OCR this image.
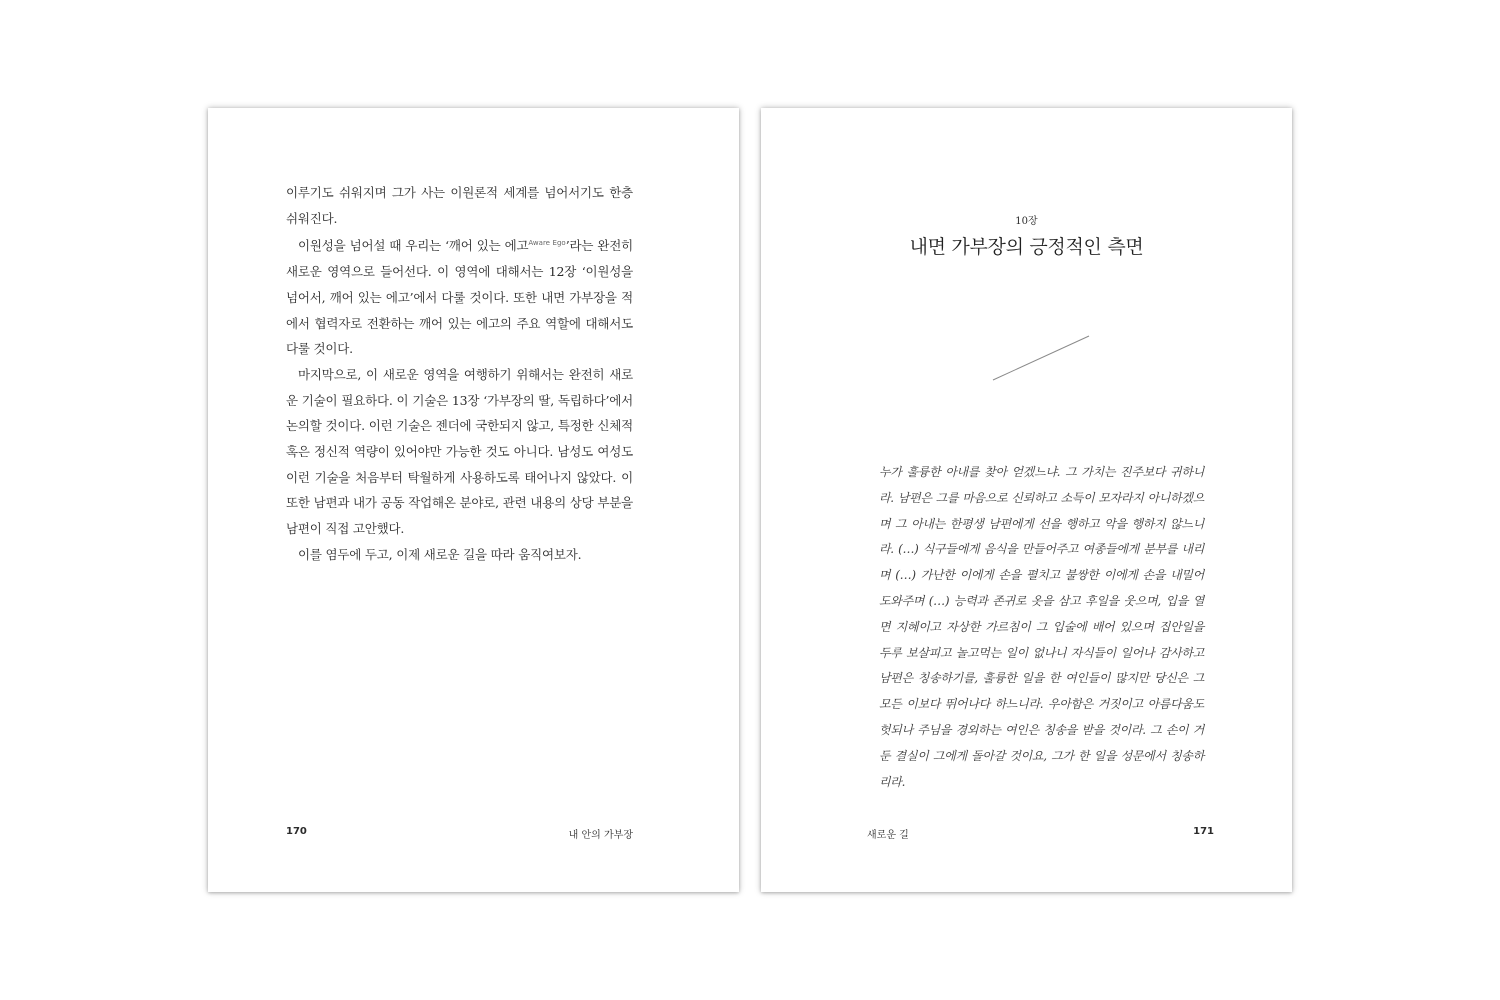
이루기도 쉬워지며 그가 사는 이원론적 세계를 넘어서기도 한층 쉬워진다.

이원성을 넘어설 때 우리는 ‘깨어 있는 에고$^{Aware Ego}$’라는 완전히 새로운 영역으로 들어선다. 이 영역에 대해서는 12장 ‘이원성을 넘어서, 깨어 있는 에고’에서 다룰 것이다. 또한 내면 가부장을 적에서 협력자로 전환하는 깨어 있는 에고의 주요 역할에 대해서도 다룰 것이다.

마지막으로, 이 새로운 영역을 여행하기 위해서는 완전히 새로운 기술이 필요하다. 이 기술은 13장 ‘가부장의 딸, 독립하다’에서 논의할 것이다. 이런 기술은 젠더에 국한되지 않고, 특정한 신체적 혹은 정신적 역량이 있어야만 가능한 것도 아니다. 남성도 여성도 이런 기술을 처음부터 탁월하게 사용하도록 태어나지 않았다. 이 또한 남편과 내가 공동 작업해온 분야로, 관련 내용의 상당 부분을 남편이 직접 고안했다.

이를 염두에 두고, 이제 새로운 길을 따라 움직여보자.

170	내 안의 가부장
10장
내면 가부장의 긍정적인 측면
누가 훌륭한 아내를 찾아 얻겠느냐. 그 가치는 진주보다 귀하니라. 남편은 그를 마음으로 신뢰하고 소득이 모자라지 아니하겠으며 그 아내는 한평생 남편에게 선을 행하고 악을 행하지 않느니라. (…) 식구들에게 음식을 만들어주고 여종들에게 분부를 내리며 (…) 가난한 이에게 손을 펼치고 불쌍한 이에게 손을 내밀어 도와주며 (…) 능력과 존귀로 옷을 삼고 후일을 웃으며, 입을 열면 지혜이고 자상한 가르침이 그 입술에 배어 있으며 집안일을 두루 보살피고 놀고먹는 일이 없나니 자식들이 일어나 감사하고 남편은 칭송하기를, 훌륭한 일을 한 여인들이 많지만 당신은 그 모든 이보다 뛰어나다 하느니라. 우아함은 거짓이고 아름다움도 헛되나 주님을 경외하는 여인은 칭송을 받을 것이라. 그 손이 거둔 결실이 그에게 돌아갈 것이요, 그가 한 일을 성문에서 칭송하리라.
새로운 길	171
